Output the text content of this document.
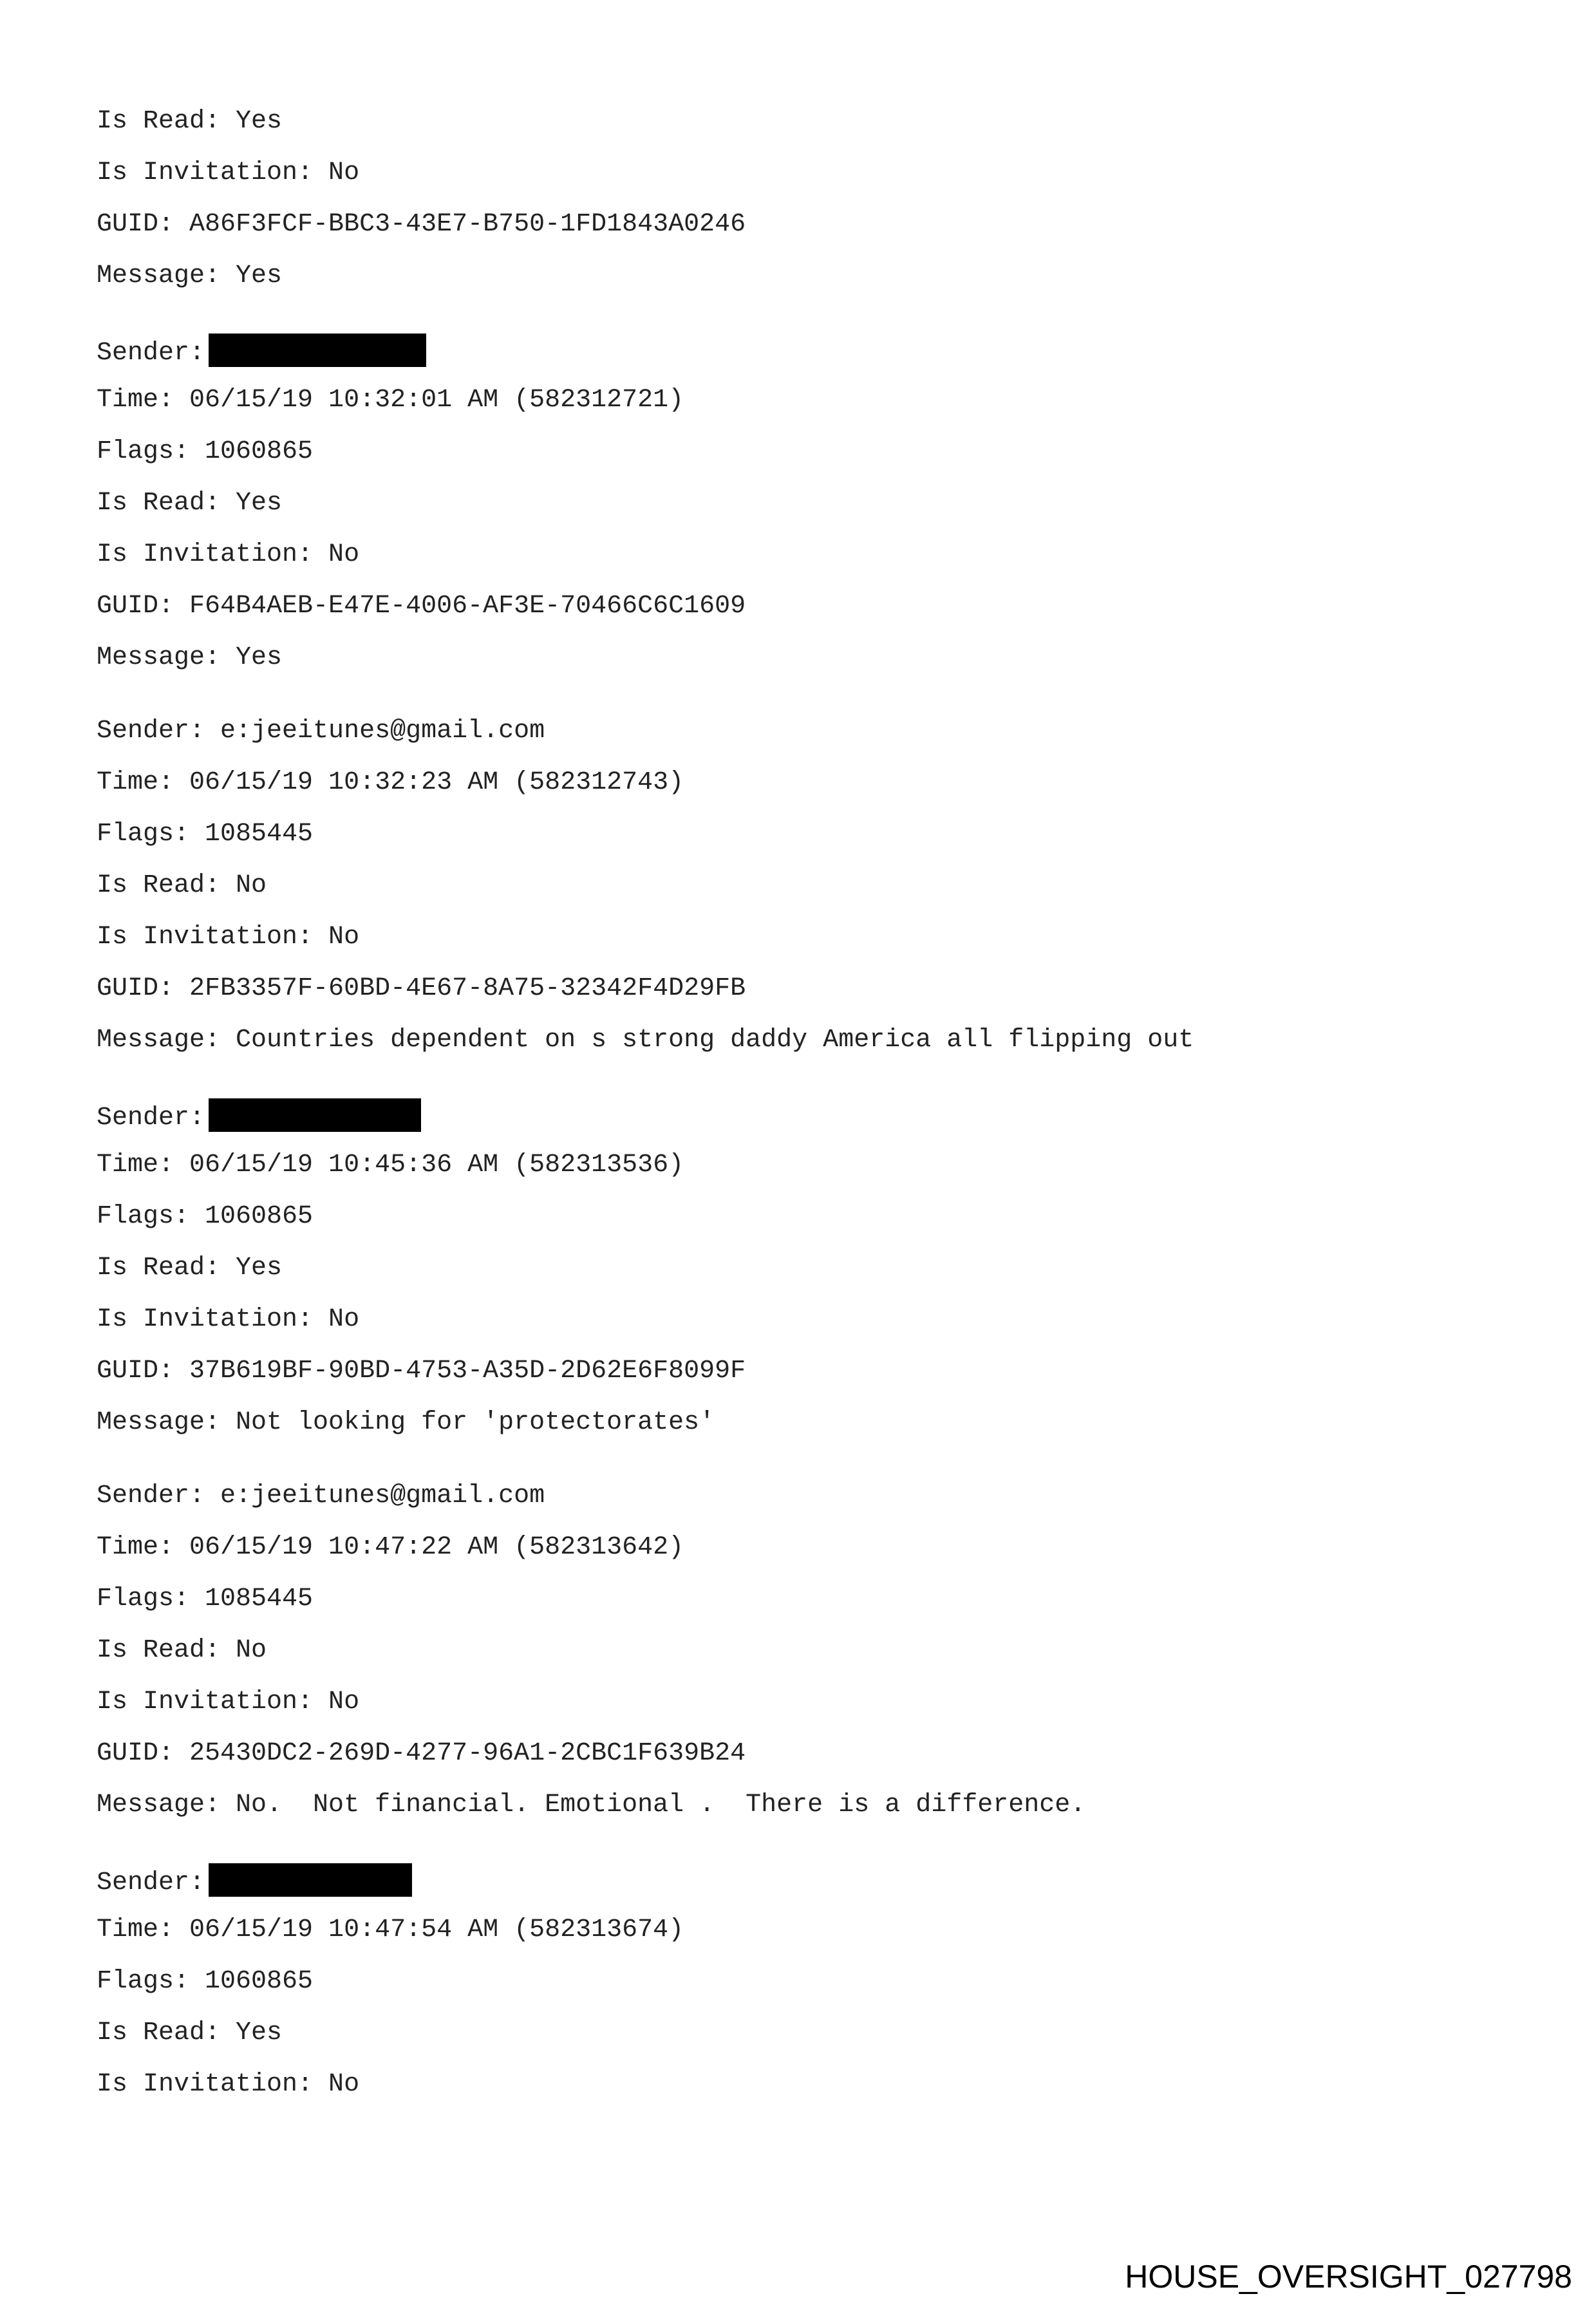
Is Read: Yes
Is Invitation: No
GUID: A86F3FCF-BBC3-43E7-B750-1FD1843A0246
Message: Yes
Sender:
Time: 06/15/19 10:32:01 AM (582312721)
Flags: 1060865
Is Read: Yes
Is Invitation: No
GUID: F64B4AEB-E47E-4006-AF3E-70466C6C1609
Message: Yes
Sender: e:jeeitunes@gmail.com
Time: 06/15/19 10:32:23 AM (582312743)
Flags: 1085445
Is Read: No
Is Invitation: No
GUID: 2FB3357F-60BD-4E67-8A75-32342F4D29FB
Message: Countries dependent on s strong daddy America all flipping out
Sender:
Time: 06/15/19 10:45:36 AM (582313536)
Flags: 1060865
Is Read: Yes
Is Invitation: No
GUID: 37B619BF-90BD-4753-A35D-2D62E6F8099F
Message: Not looking for 'protectorates'
Sender: e:jeeitunes@gmail.com
Time: 06/15/19 10:47:22 AM (582313642)
Flags: 1085445
Is Read: No
Is Invitation: No
GUID: 25430DC2-269D-4277-96A1-2CBC1F639B24
Message: No.  Not financial. Emotional .  There is a difference.
Sender:
Time: 06/15/19 10:47:54 AM (582313674)
Flags: 1060865
Is Read: Yes
Is Invitation: No
HOUSE_OVERSIGHT_027798
